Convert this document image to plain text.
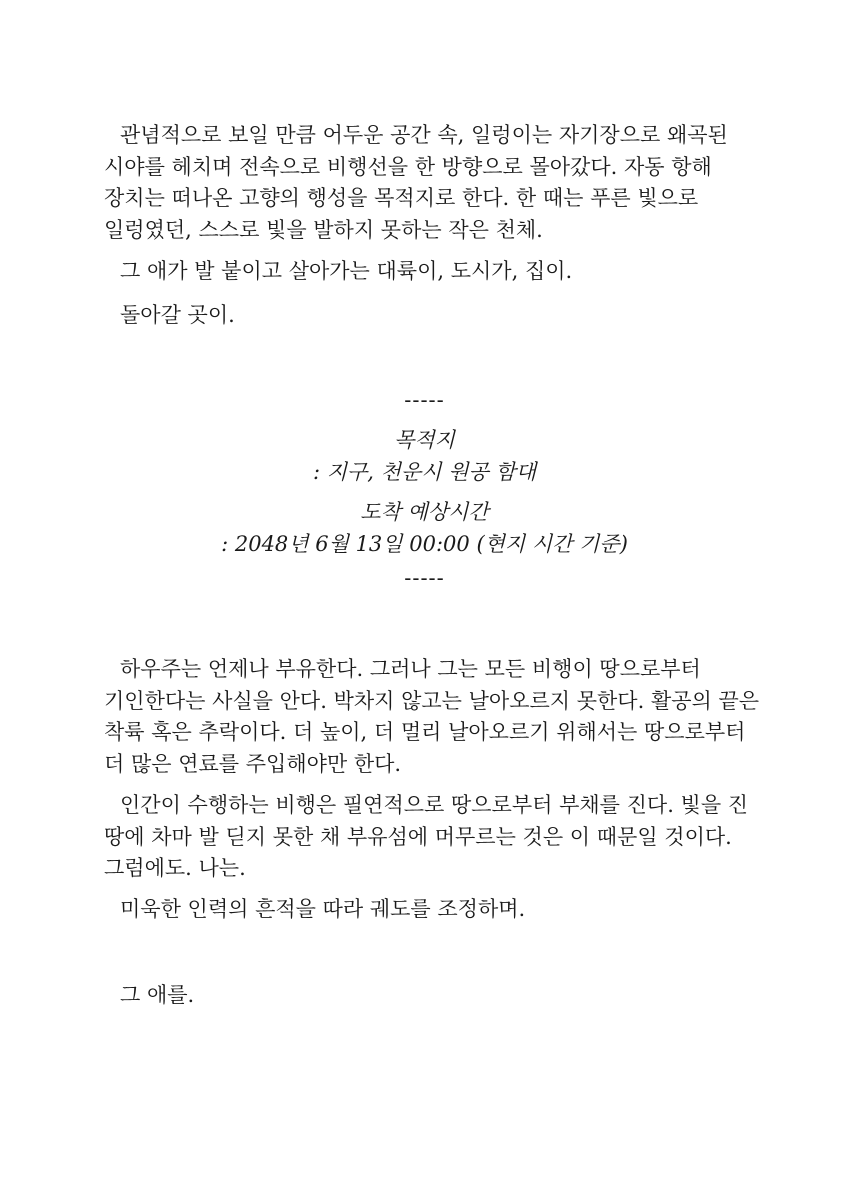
관념적으로 보일 만큼 어두운 공간 속, 일렁이는 자기장으로 왜곡된
시야를 헤치며 전속으로 비행선을 한 방향으로 몰아갔다. 자동 항해
장치는 떠나온 고향의 행성을 목적지로 한다. 한 때는 푸른 빛으로
일렁였던, 스스로 빛을 발하지 못하는 작은 천체.

그 애가 발 붙이고 살아가는 대륙이, 도시가, 집이.

돌아갈 곳이.

-----

목적지

: 지구, 천운시 원공 함대

도착 예상시간

: 2048년 6월 13일 00:00 (현지 시간 기준)

-----

하우주는 언제나 부유한다. 그러나 그는 모든 비행이 땅으로부터
기인한다는 사실을 안다. 박차지 않고는 날아오르지 못한다. 활공의 끝은
착륙 혹은 추락이다. 더 높이, 더 멀리 날아오르기 위해서는 땅으로부터
더 많은 연료를 주입해야만 한다.

인간이 수행하는 비행은 필연적으로 땅으로부터 부채를 진다. 빛을 진
땅에 차마 발 딛지 못한 채 부유섬에 머무르는 것은 이 때문일 것이다.
그럼에도. 나는.

미욱한 인력의 흔적을 따라 궤도를 조정하며.

그 애를.
